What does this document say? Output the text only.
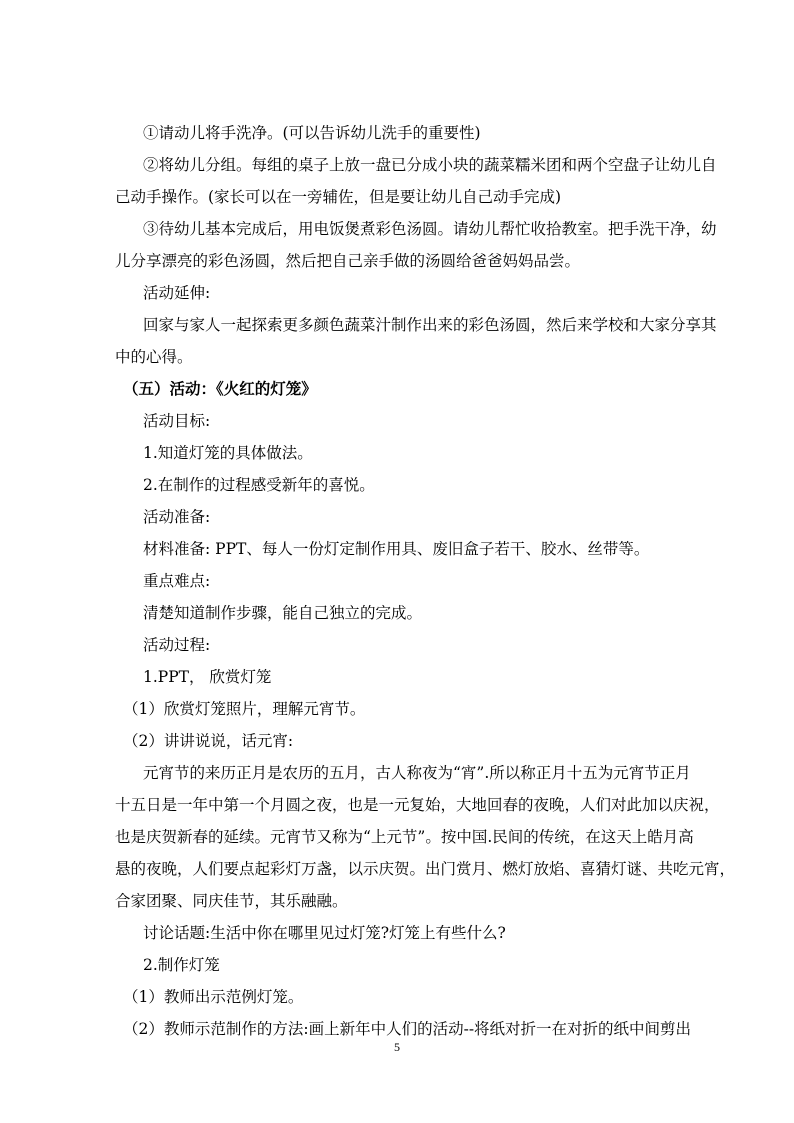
①请动儿将手洗净。(可以告诉幼儿洗手的重要性)
②将幼儿分组。每组的桌子上放一盘已分成小块的蔬菜糯米团和两个空盘子让幼儿自
己动手操作。(家长可以在一旁辅佐，但是要让幼儿自己动手完成)
③待幼儿基本完成后，用电饭煲煮彩色汤圆。请幼儿帮忙收拾教室。把手洗干净，幼
儿分享漂亮的彩色汤圆，然后把自己亲手做的汤圆给爸爸妈妈品尝。
活动延伸:
回家与家人一起探索更多颜色蔬菜汁制作出来的彩色汤圆，然后来学校和大家分享其
中的心得。
（五）活动：《火红的灯笼》
活动目标:
1.知道灯笼的具体做法。
2.在制作的过程感受新年的喜悦。
活动准备:
材料准备: PPT、每人一份灯定制作用具、废旧盒子若干、胶水、丝带等。
重点难点:
清楚知道制作步骤，能自己独立的完成。
活动过程:
1.PPT， 欣赏灯笼
（1）欣赏灯笼照片，理解元宵节。
（2）讲讲说说，话元宵:
元宵节的来历正月是农历的五月，古人称夜为“宵”.所以称正月十五为元宵节正月
十五日是一年中第一个月圆之夜，也是一元复始，大地回春的夜晚，人们对此加以庆祝，
也是庆贺新春的延续。元宵节又称为“上元节”。按中国.民间的传统，在这天上皓月高
悬的夜晚，人们要点起彩灯万盏，以示庆贺。出门赏月、燃灯放焰、喜猜灯谜、共吃元宵，
合家团聚、同庆佳节，其乐融融。
讨论话题:生活中你在哪里见过灯笼?灯笼上有些什么?
2.制作灯笼
（1）教师出示范例灯笼。
（2）教师示范制作的方法:画上新年中人们的活动--将纸对折一在对折的纸中间剪出
5
